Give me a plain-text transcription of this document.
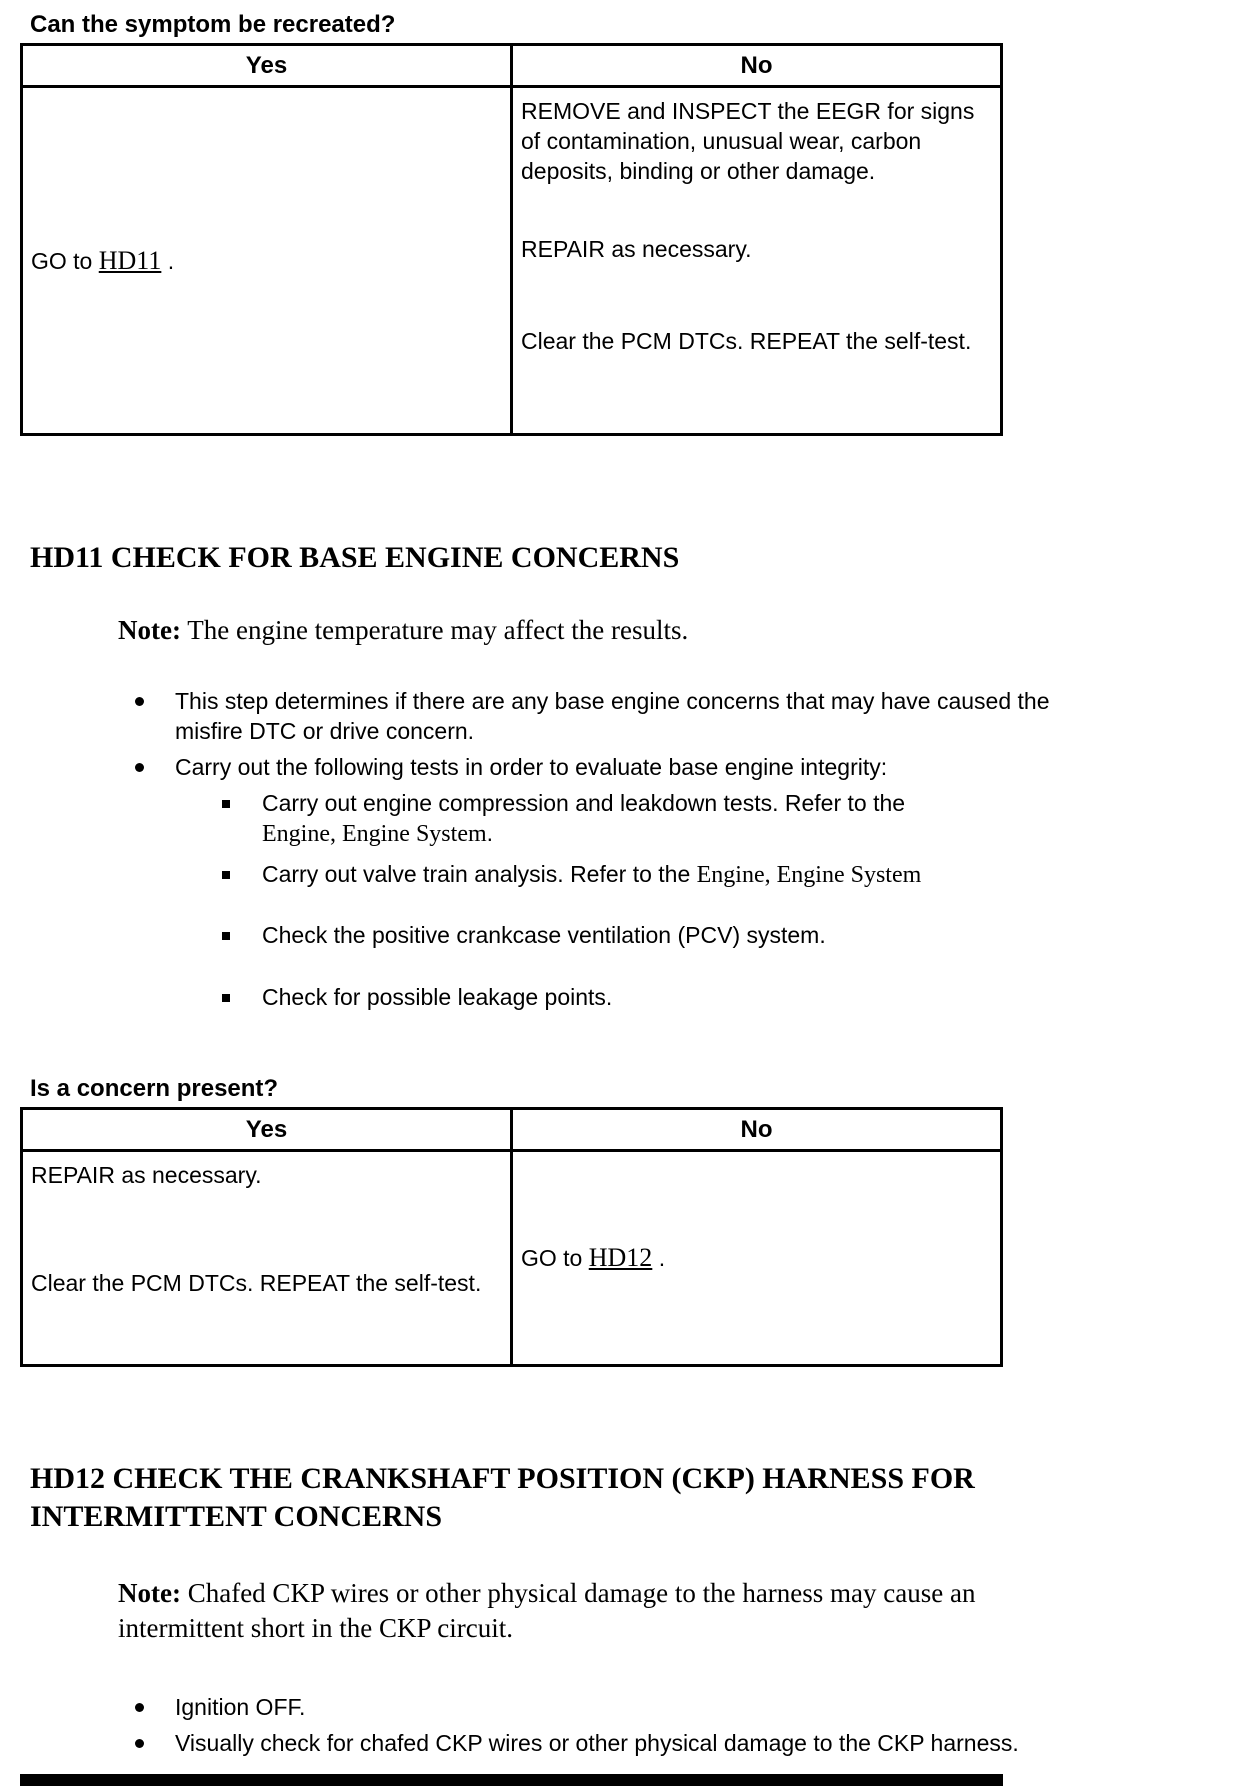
Can the symptom be recreated?
Yes	No

GO to HD11 .	REMOVE and INSPECT the EEGR for signs of contamination, unusual wear, carbon deposits, binding or other damage.

REPAIR as necessary.

Clear the PCM DTCs. REPEAT the self-test.

HD11 CHECK FOR BASE ENGINE CONCERNS

Note: The engine temperature may affect the results.

This step determines if there are any base engine concerns that may have caused the misfire DTC or drive concern.
Carry out the following tests in order to evaluate base engine integrity:
Carry out engine compression and leakdown tests. Refer to the Engine, Engine System.
Carry out valve train analysis. Refer to the Engine, Engine System
Check the positive crankcase ventilation (PCV) system.
Check for possible leakage points.
Is a concern present?
Yes	No

REPAIR as necessary.

Clear the PCM DTCs. REPEAT the self-test.	GO to HD12 .

HD12 CHECK THE CRANKSHAFT POSITION (CKP) HARNESS FOR INTERMITTENT CONCERNS

Note: Chafed CKP wires or other physical damage to the harness may cause an intermittent short in the CKP circuit.

Ignition OFF.
Visually check for chafed CKP wires or other physical damage to the CKP harness.
